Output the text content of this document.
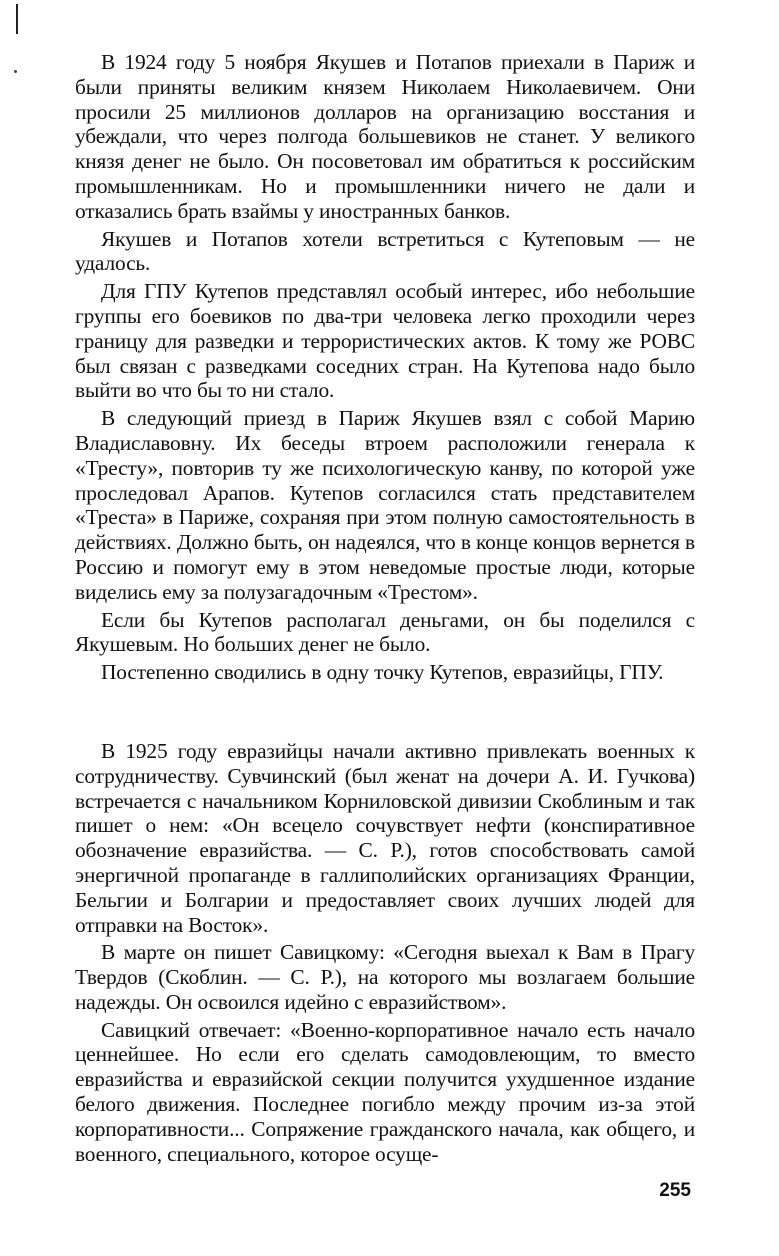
В 1924 году 5 ноября Якушев и Потапов приехали в Париж и были приняты великим князем Николаем Николаевичем. Они просили 25 миллионов долларов на организацию восстания и убеждали, что через полгода большевиков не станет. У великого князя денег не было. Он посоветовал им обратиться к российским промышленникам. Но и промышленники ничего не дали и отказались брать взаймы у иностранных банков.

Якушев и Потапов хотели встретиться с Кутеповым — не удалось.

Для ГПУ Кутепов представлял особый интерес, ибо небольшие группы его боевиков по два-три человека легко проходили через границу для разведки и террористических актов. К тому же РОВС был связан с разведками соседних стран. На Кутепова надо было выйти во что бы то ни стало.

В следующий приезд в Париж Якушев взял с собой Марию Владиславовну. Их беседы втроем расположили генерала к «Тресту», повторив ту же психологическую канву, по которой уже проследовал Арапов. Кутепов согласился стать представителем «Треста» в Париже, сохраняя при этом полную самостоятельность в действиях. Должно быть, он надеялся, что в конце концов вернется в Россию и помогут ему в этом неведомые простые люди, которые виделись ему за полузагадочным «Трестом».

Если бы Кутепов располагал деньгами, он бы поделился с Якушевым. Но больших денег не было.

Постепенно сводились в одну точку Кутепов, евразийцы, ГПУ.

В 1925 году евразийцы начали активно привлекать военных к сотрудничеству. Сувчинский (был женат на дочери А. И. Гучкова) встречается с начальником Корниловской дивизии Скоблиным и так пишет о нем: «Он всецело сочувствует нефти (конспиративное обозначение евразийства. — С. Р.), готов способствовать самой энергичной пропаганде в галлиполийских организациях Франции, Бельгии и Болгарии и предоставляет своих лучших людей для отправки на Восток».

В марте он пишет Савицкому: «Сегодня выехал к Вам в Прагу Твердов (Скоблин. — С. Р.), на которого мы возлагаем большие надежды. Он освоился идейно с евразийством».

Савицкий отвечает: «Военно-корпоративное начало есть начало ценнейшее. Но если его сделать самодовлеющим, то вместо евразийства и евразийской секции получится ухудшенное издание белого движения. Последнее погибло между прочим из-за этой корпоративности... Сопряжение гражданского начала, как общего, и военного, специального, которое осуще-

255
